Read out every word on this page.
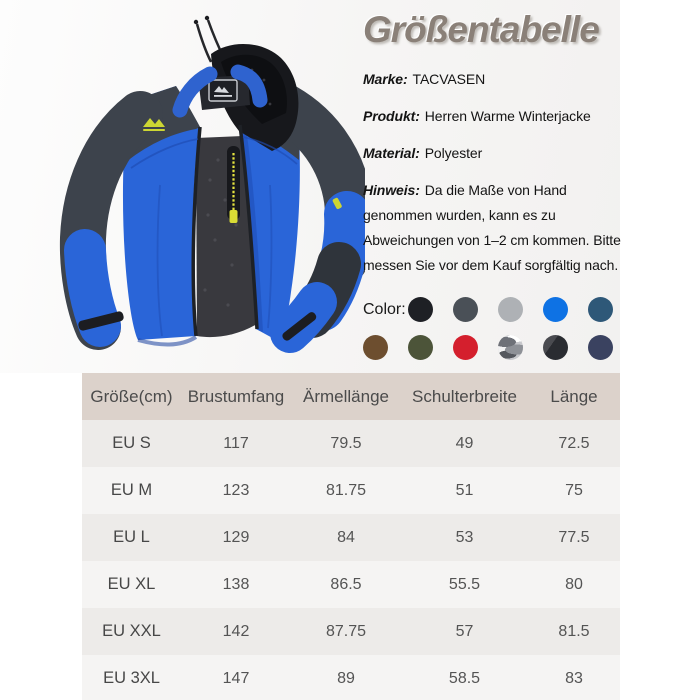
Größentabelle

Marke: TACVASEN

Produkt: Herren Warme Winterjacke

Material: Polyester

Hinweis: Da die Maße von Hand genommen wurden, kann es zu Abweichungen von 1–2 cm kommen. Bitte messen Sie vor dem Kauf sorgfältig nach.

Color:
Größe(cm)	Brustumfang	Ärmellänge	Schulterbreite	Länge
EU S	117	79.5	49	72.5
EU M	123	81.75	51	75
EU L	129	84	53	77.5
EU XL	138	86.5	55.5	80
EU XXL	142	87.75	57	81.5
EU 3XL	147	89	58.5	83
